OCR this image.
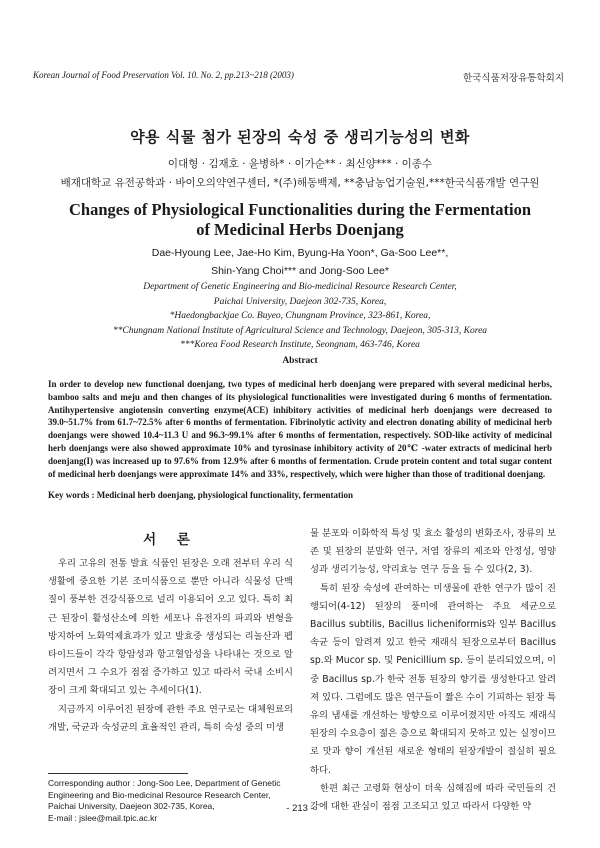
Korean Journal of Food Preservation Vol. 10. No. 2, pp.213~218 (2003)	한국식품저장유통학회지
약용 식물 첨가 된장의 숙성 중 생리기능성의 변화
이대형 · 김재호 · 윤병하* · 이가순** · 최신양*** · 이종수
배재대학교 유전공학과 · 바이오의약연구센터, *(주)해동백제, **충남농업기술원,***한국식품개발 연구원
Changes of Physiological Functionalities during the Fermentation
of Medicinal Herbs Doenjang
Dae-Hyoung Lee, Jae-Ho Kim, Byung-Ha Yoon*, Ga-Soo Lee**,
Shin-Yang Choi*** and Jong-Soo Lee*
Department of Genetic Engineering and Bio-medicinal Resource Research Center,
Paichai University, Daejeon 302-735, Korea,
*Haedongbackjae Co. Buyeo, Chungnam Province, 323-861, Korea,
**Chungnam National Institute of Agricultural Science and Technology, Daejeon, 305-313, Korea
***Korea Food Research Institute, Seongnam, 463-746, Korea
Abstract
In order to develop new functional doenjang, two types of medicinal herb doenjang were prepared with several medicinal herbs, bamboo salts and meju and then changes of its physiological functionalities were investigated during 6 months of fermentation. Antihypertensive angiotensin converting enzyme(ACE) inhibitory activities of medicinal herb doenjangs were decreased to 39.0~51.7% from 61.7~72.5% after 6 months of fermentation. Fibrinolytic activity and electron donating ability of medicinal herb doenjangs were showed 10.4~11.3 U and 96.3~99.1% after 6 months of fermentation, respectively. SOD-like activity of medicinal herb doenjangs were also showed approximate 10% and tyrosinase inhibitory activity of 20℃ -water extracts of medicinal herb doenjang(I) was increased up to 97.6% from 12.9% after 6 months of fermentation. Crude protein content and total sugar content of medicinal herb doenjangs were approximate 14% and 33%, respectively, which were higher than those of traditional doenjang.
Key words : Medicinal herb doenjang, physiological functionality, fermentation
서 론

우리 고유의 전통 발효 식품인 된장은 오래 전부터 우리 식생활에 중요한 기본 조미식품으로 뿐만 아니라 식물성 단백질이 풍부한 건강식품으로 널리 이용되어 오고 있다. 특히 최근 된장이 활성산소에 의한 세포나 유전자의 파괴와 변형을 방지하여 노화억제효과가 있고 발효중 생성되는 리놀산과 펩타이드들이 각각 항암성과 항고혈압성을 나타내는 것으로 알려지면서 그 수요가 점점 증가하고 있고 따라서 국내 소비시장이 크게 확대되고 있는 추세이다(1).

지금까지 이루어진 된장에 관한 주요 연구로는 대체원료의 개발, 국균과 숙성균의 효율적인 관리, 특히 숙성 중의 미생

물 분포와 이화학적 특성 및 효소 활성의 변화조사, 장류의 보존 및 된장의 분말화 연구, 저염 장류의 제조와 안정성, 영양성과 생리기능성, 약리효능 연구 등을 들 수 있다(2, 3).

특히 된장 숙성에 관여하는 미생물에 관한 연구가 많이 진행되어(4-12) 된장의 풍미에 관여하는 주요 세균으로 Bacillus subtilis, Bacillus licheniformis와 일부 Bacillus 속균 등이 알려져 있고 한국 재래식 된장으로부터 Bacillus sp.와 Mucor sp. 및 Penicillium sp. 등이 분리되었으며, 이 중 Bacillus sp.가 한국 전통 된장의 향기를 생성한다고 알려져 있다. 그럼에도 많은 연구들이 짧은 수이 기피하는 된장 특유의 냄새를 개선하는 방향으로 이루어졌지만 아직도 재래식 된장의 수요층이 젊은 층으로 확대되지 못하고 있는 실정이므로 맛과 향이 개선된 새로운 형태의 된장개발이 절실히 필요하다.

한편 최근 고령화 현상이 더욱 심해짐에 따라 국민들의 건강에 대한 관심이 점점 고조되고 있고 따라서 다양한 약

Corresponding author : Jong-Soo Lee, Department of Genetic
Engineering and Bio-medicinal Resource Research Center,
Paichai University, Daejeon 302-735, Korea,
E-mail : jslee@mail.tpic.ac.kr
- 213 -
